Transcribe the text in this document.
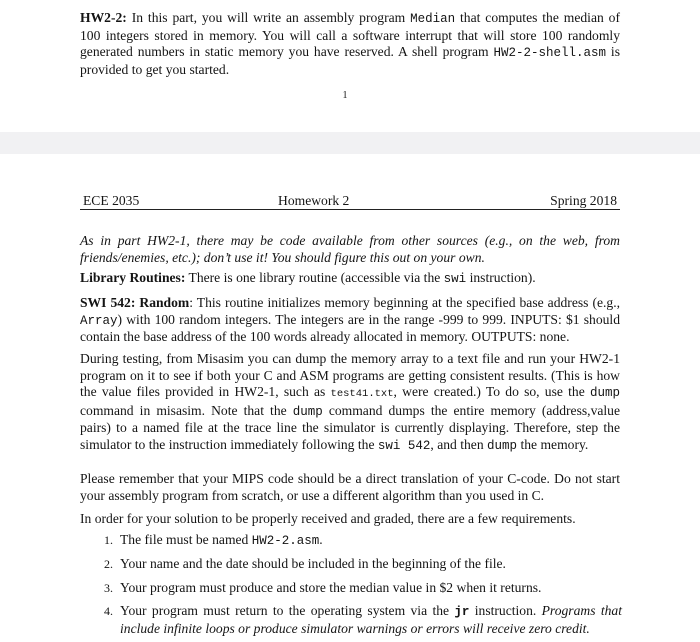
HW2-2: In this part, you will write an assembly program Median that computes the median of 100 integers stored in memory. You will call a software interrupt that will store 100 randomly generated numbers in static memory you have reserved. A shell program HW2-2-shell.asm is provided to get you started.
1
ECE 2035	Homework 2	Spring 2018
As in part HW2-1, there may be code available from other sources (e.g., on the web, from friends/enemies, etc.); don’t use it! You should figure this out on your own.
Library Routines: There is one library routine (accessible via the swi instruction).
SWI 542: Random: This routine initializes memory beginning at the specified base address (e.g., Array) with 100 random integers. The integers are in the range -999 to 999. INPUTS: $1 should contain the base address of the 100 words already allocated in memory. OUTPUTS: none.
During testing, from Misasim you can dump the memory array to a text file and run your HW2-1 program on it to see if both your C and ASM programs are getting consistent results. (This is how the value files provided in HW2-1, such as test41.txt, were created.) To do so, use the dump command in misasim. Note that the dump command dumps the entire memory (address,value pairs) to a named file at the trace line the simulator is currently displaying. Therefore, step the simulator to the instruction immediately following the swi 542, and then dump the memory.
Please remember that your MIPS code should be a direct translation of your C-code. Do not start your assembly program from scratch, or use a different algorithm than you used in C.
In order for your solution to be properly received and graded, there are a few requirements.
1. The file must be named HW2-2.asm.
2. Your name and the date should be included in the beginning of the file.
3. Your program must produce and store the median value in $2 when it returns.
4. Your program must return to the operating system via the jr instruction. Programs that include infinite loops or produce simulator warnings or errors will receive zero credit.
